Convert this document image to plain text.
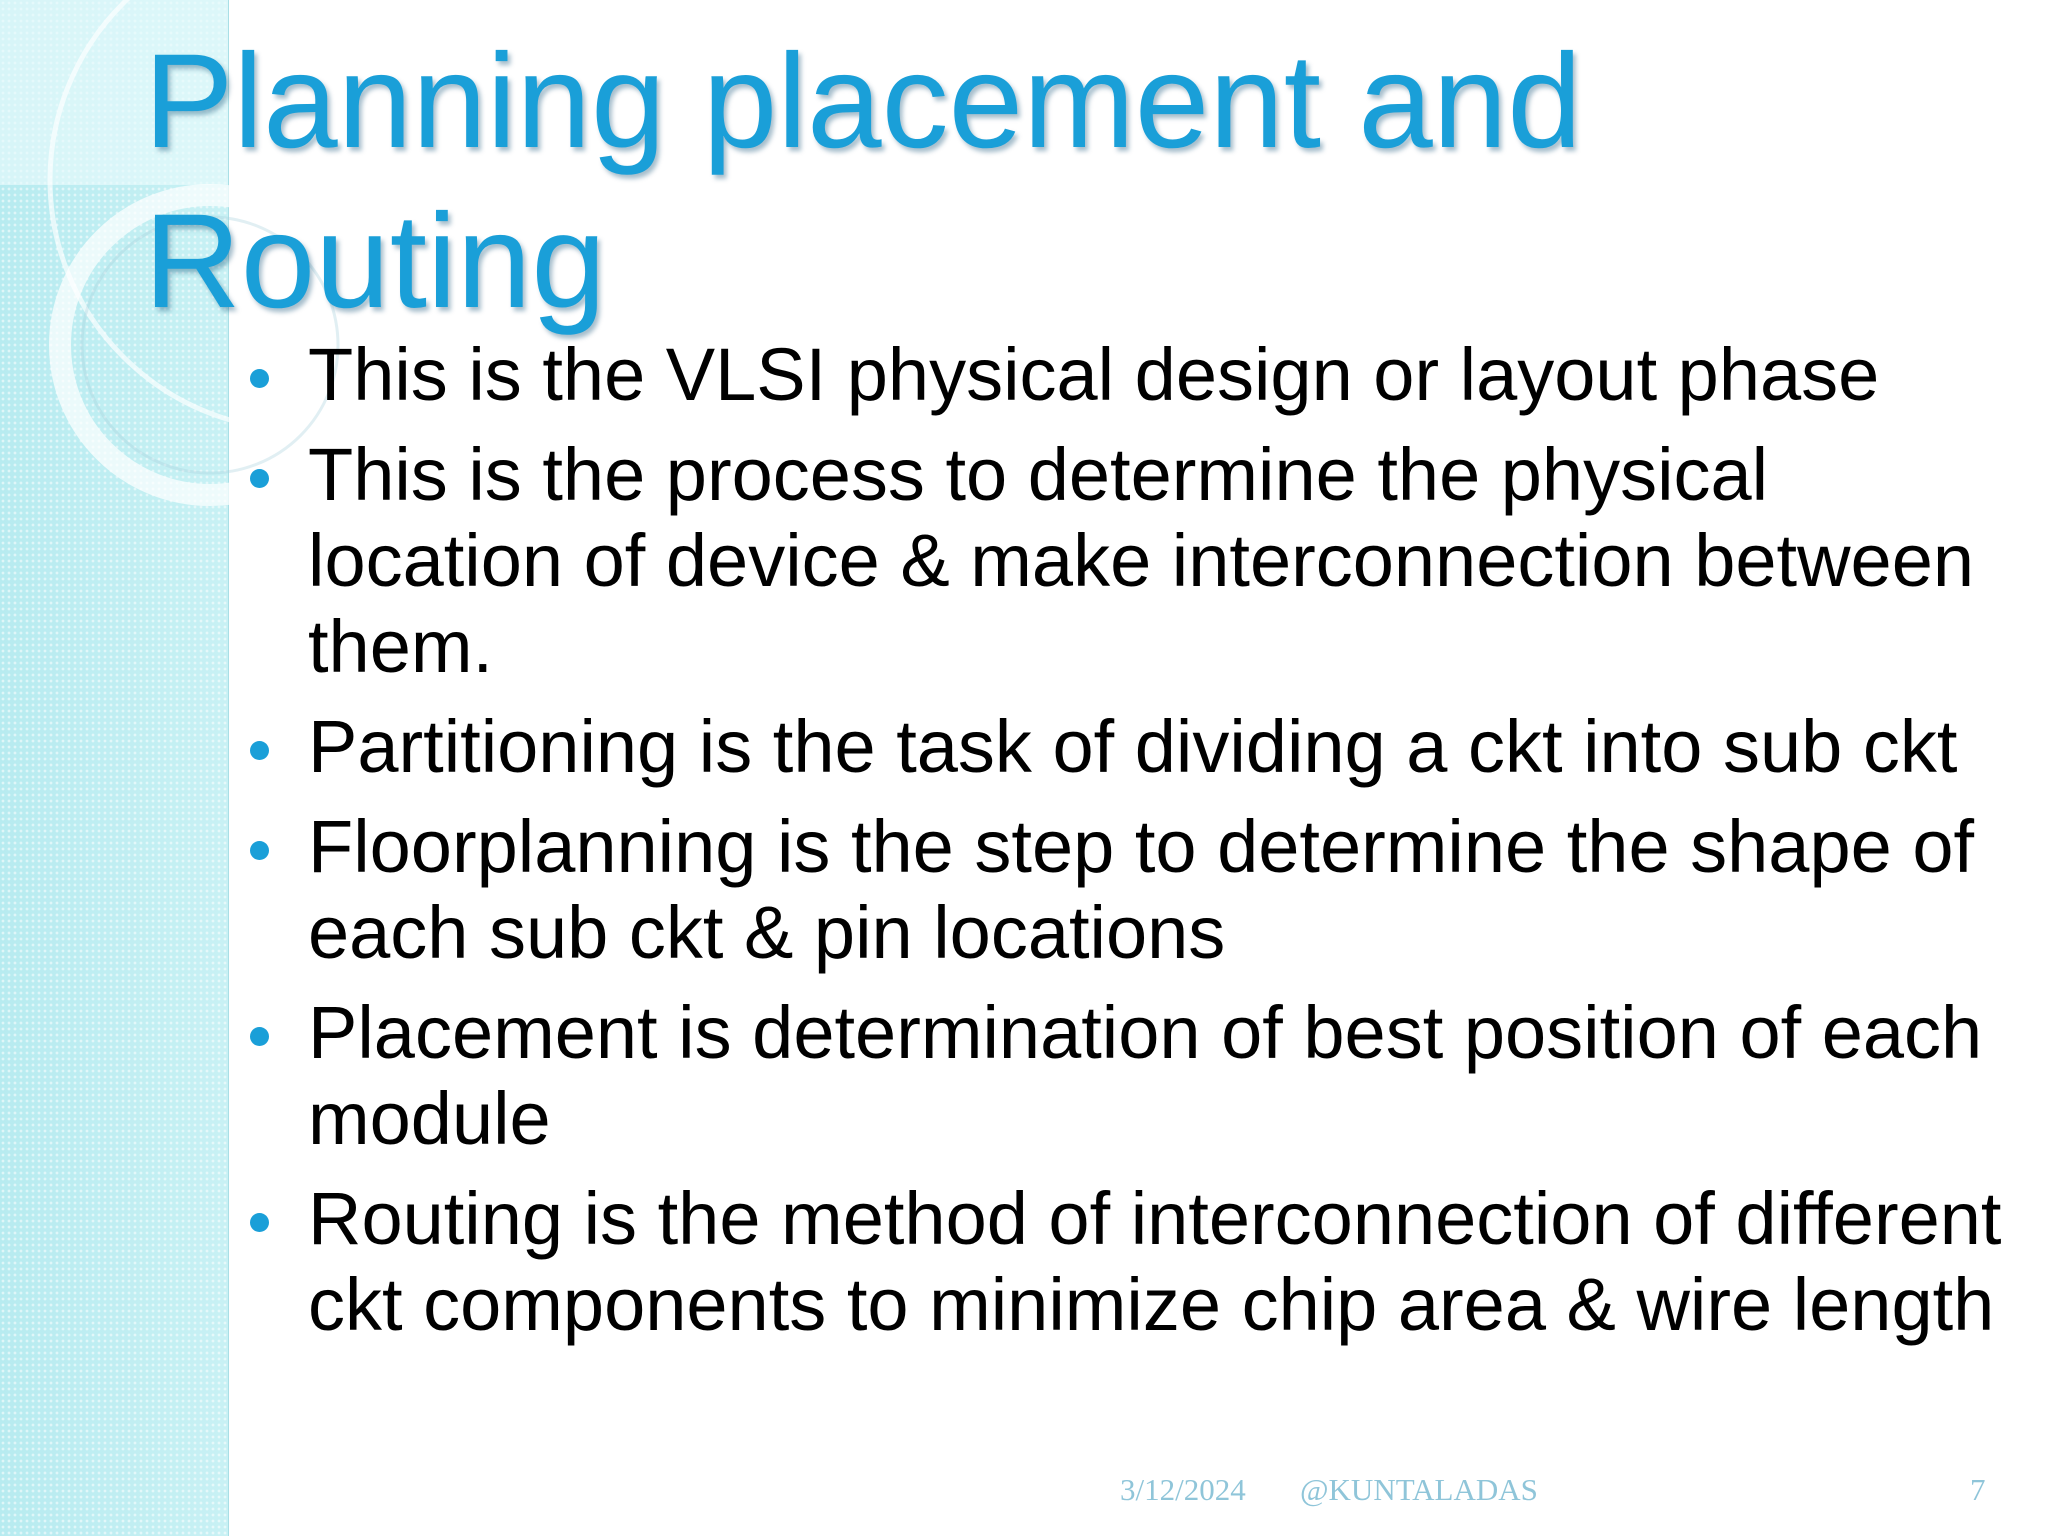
Planning placement and Routing
This is the VLSI physical design or layout phase
This is the process to determine the physical location of device & make interconnection between them.
Partitioning is the task of dividing a ckt into sub ckt
Floorplanning is the step to determine the shape of each sub ckt & pin locations
Placement is determination of best position of each module
Routing is the method of interconnection of different ckt components to minimize chip area & wire length
3/12/2024 @KUNTALADAS	7
